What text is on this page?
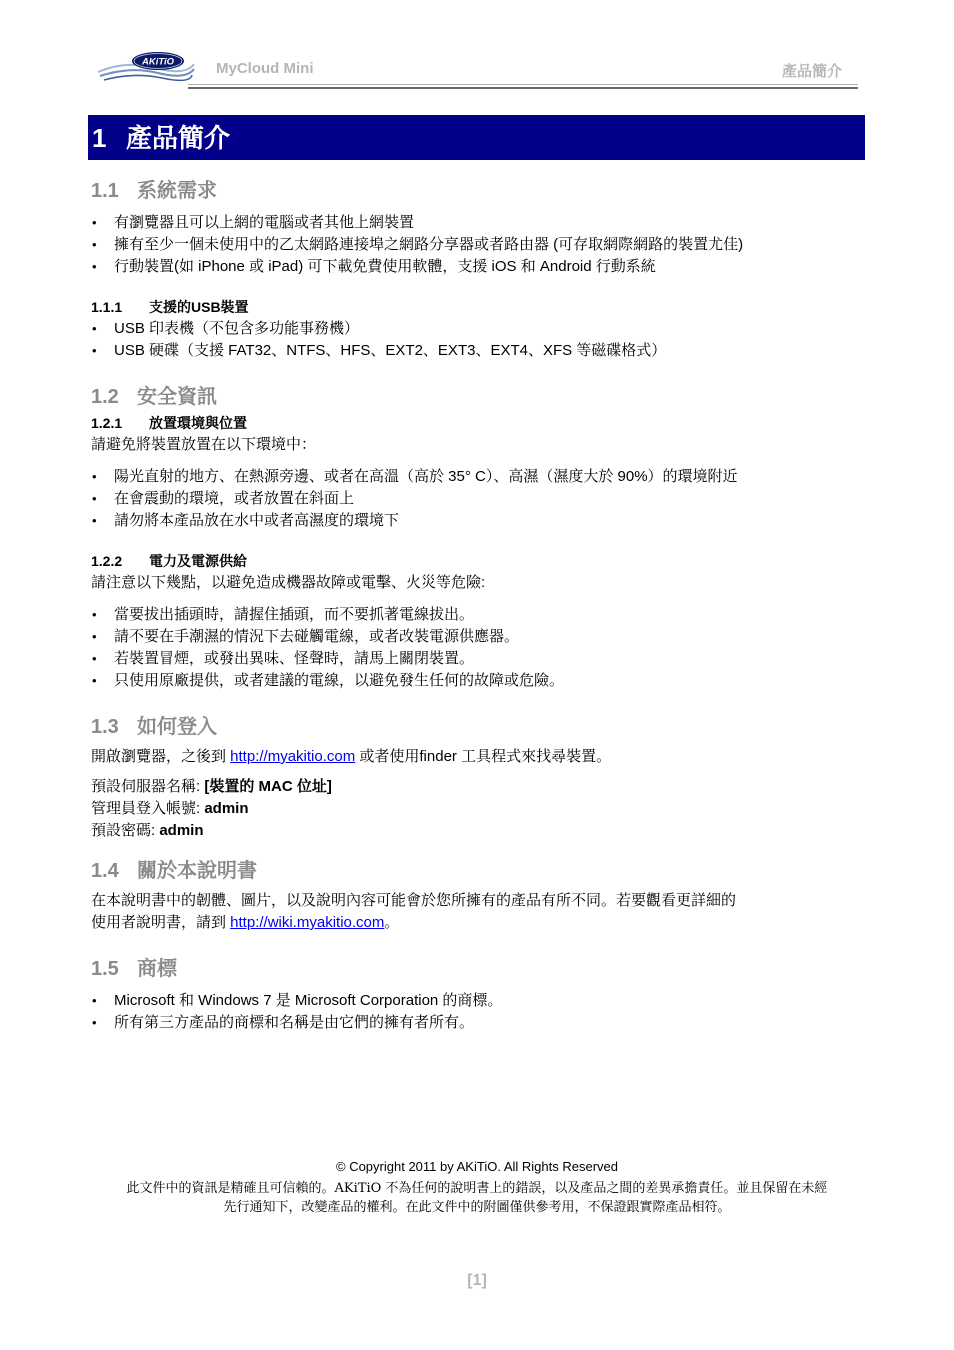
AKiTiO	MyCloud Mini	產品簡介
1 產品簡介
1.1 系統需求
• 有瀏覽器且可以上網的電腦或者其他上網裝置
• 擁有至少一個未使用中的乙太網路連接埠之網路分享器或者路由器 (可存取網際網路的裝置尤佳)
• 行動裝置(如 iPhone 或 iPad) 可下載免費使用軟體，支援 iOS 和 Android 行動系統
1.1.1 支援的USB裝置
• USB 印表機（不包含多功能事務機）
• USB 硬碟（支援 FAT32、NTFS、HFS、EXT2、EXT3、EXT4、XFS 等磁碟格式）
1.2 安全資訊
1.2.1 放置環境與位置

請避免將裝置放置在以下環境中：

• 陽光直射的地方、在熱源旁邊、或者在高溫（高於 35° C）、高濕（濕度大於 90%）的環境附近
• 在會震動的環境，或者放置在斜面上
• 請勿將本產品放在水中或者高濕度的環境下
1.2.2 電力及電源供給

請注意以下幾點，以避免造成機器故障或電擊、火災等危險:

• 當要拔出插頭時，請握住插頭，而不要抓著電線拔出。
• 請不要在手潮濕的情況下去碰觸電線，或者改裝電源供應器。
• 若裝置冒煙，或發出異味、怪聲時，請馬上關閉裝置。
• 只使用原廠提供，或者建議的電線，以避免發生任何的故障或危險。
1.3 如何登入

開啟瀏覽器，之後到 http://myakitio.com 或者使用finder 工具程式來找尋裝置。

預設伺服器名稱: [裝置的 MAC 位址]

管理員登入帳號: admin

預設密碼: admin

1.4 關於本說明書

在本說明書中的韌體、圖片，以及說明內容可能會於您所擁有的產品有所不同。若要觀看更詳細的

使用者說明書，請到 http://wiki.myakitio.com。

1.5 商標
• Microsoft 和 Windows 7 是 Microsoft Corporation 的商標。
• 所有第三方產品的商標和名稱是由它們的擁有者所有。
© Copyright 2011 by AKiTiO. All Rights Reserved
此文件中的資訊是精確且可信賴的。AKiTiO 不為任何的說明書上的錯誤，以及產品之間的差異承擔責任。並且保留在未經
先行通知下，改變產品的權利。在此文件中的附圖僅供參考用，不保證跟實際產品相符。
[1]
